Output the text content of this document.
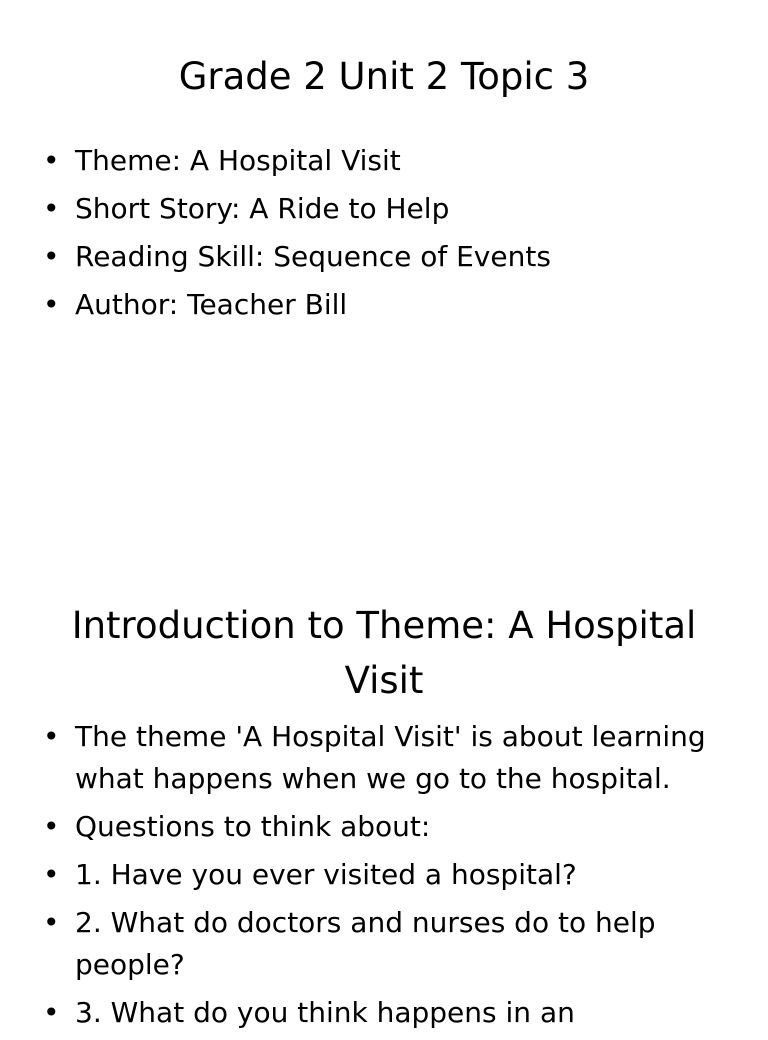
Grade 2 Unit 2 Topic 3
• Theme: A Hospital Visit
• Short Story: A Ride to Help
• Reading Skill: Sequence of Events
• Author: Teacher Bill
Introduction to Theme: A Hospital Visit
• The theme 'A Hospital Visit' is about learning what happens when we go to the hospital.
• Questions to think about:
• 1. Have you ever visited a hospital?
• 2. What do doctors and nurses do to help people?
• 3. What do you think happens in an
